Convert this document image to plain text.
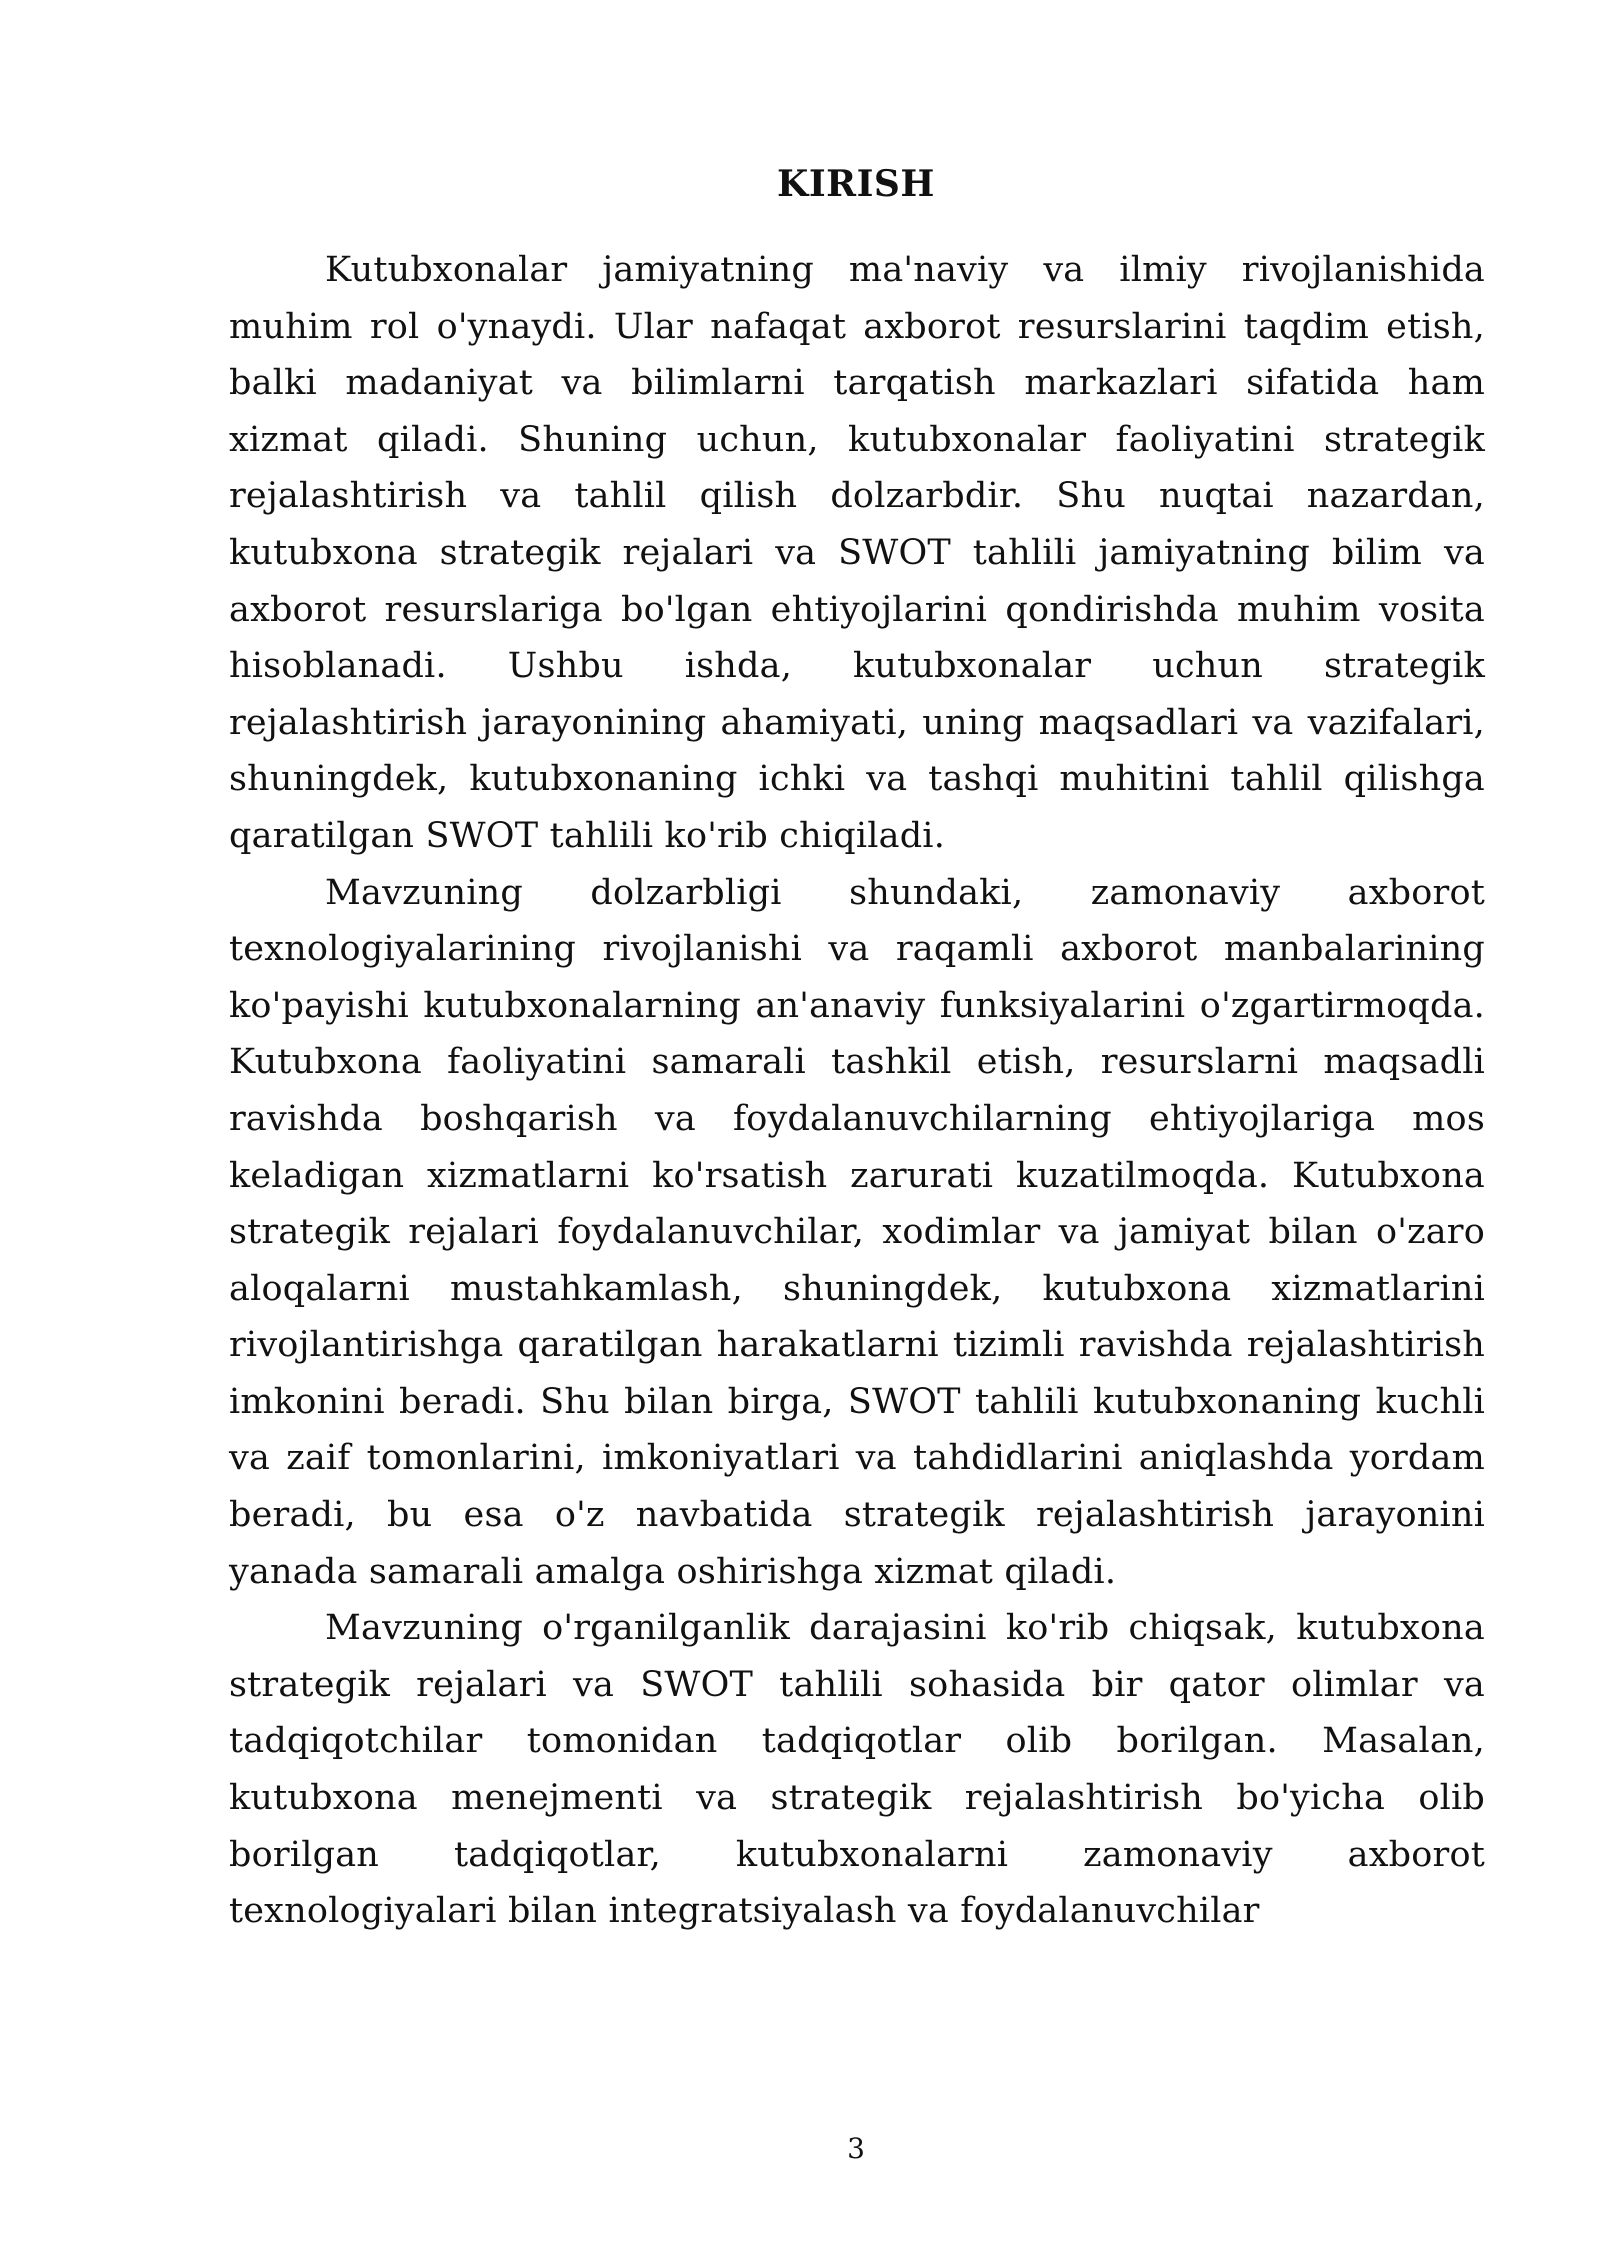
KIRISH

Kutubxonalar jamiyatning ma'naviy va ilmiy rivojlanishida muhim rol o'ynaydi. Ular nafaqat axborot resurslarini taqdim etish, balki madaniyat va bilimlarni tarqatish markazlari sifatida ham xizmat qiladi. Shuning uchun, kutubxonalar faoliyatini strategik rejalashtirish va tahlil qilish dolzarbdir. Shu nuqtai nazardan, kutubxona strategik rejalari va SWOT tahlili jamiyatning bilim va axborot resurslariga bo'lgan ehtiyojlarini qondirishda muhim vosita hisoblanadi. Ushbu ishda, kutubxonalar uchun strategik rejalashtirish jarayonining ahamiyati, uning maqsadlari va vazifalari, shuningdek, kutubxonaning ichki va tashqi muhitini tahlil qilishga qaratilgan SWOT tahlili ko'rib chiqiladi.

Mavzuning dolzarbligi shundaki, zamonaviy axborot texnologiyalarining rivojlanishi va raqamli axborot manbalarining ko'payishi kutubxonalarning an'anaviy funksiyalarini o'zgartirmoqda. Kutubxona faoliyatini samarali tashkil etish, resurslarni maqsadli ravishda boshqarish va foydalanuvchilarning ehtiyojlariga mos keladigan xizmatlarni ko'rsatish zarurati kuzatilmoqda. Kutubxona strategik rejalari foydalanuvchilar, xodimlar va jamiyat bilan o'zaro aloqalarni mustahkamlash, shuningdek, kutubxona xizmatlarini rivojlantirishga qaratilgan harakatlarni tizimli ravishda rejalashtirish imkonini beradi. Shu bilan birga, SWOT tahlili kutubxonaning kuchli va zaif tomonlarini, imkoniyatlari va tahdidlarini aniqlashda yordam beradi, bu esa o'z navbatida strategik rejalashtirish jarayonini yanada samarali amalga oshirishga xizmat qiladi.

Mavzuning o'rganilganlik darajasini ko'rib chiqsak, kutubxona strategik rejalari va SWOT tahlili sohasida bir qator olimlar va tadqiqotchilar tomonidan tadqiqotlar olib borilgan. Masalan, kutubxona menejmenti va strategik rejalashtirish bo'yicha olib borilgan tadqiqotlar, kutubxonalarni zamonaviy axborot texnologiyalari bilan integratsiyalash va foydalanuvchilar

3
